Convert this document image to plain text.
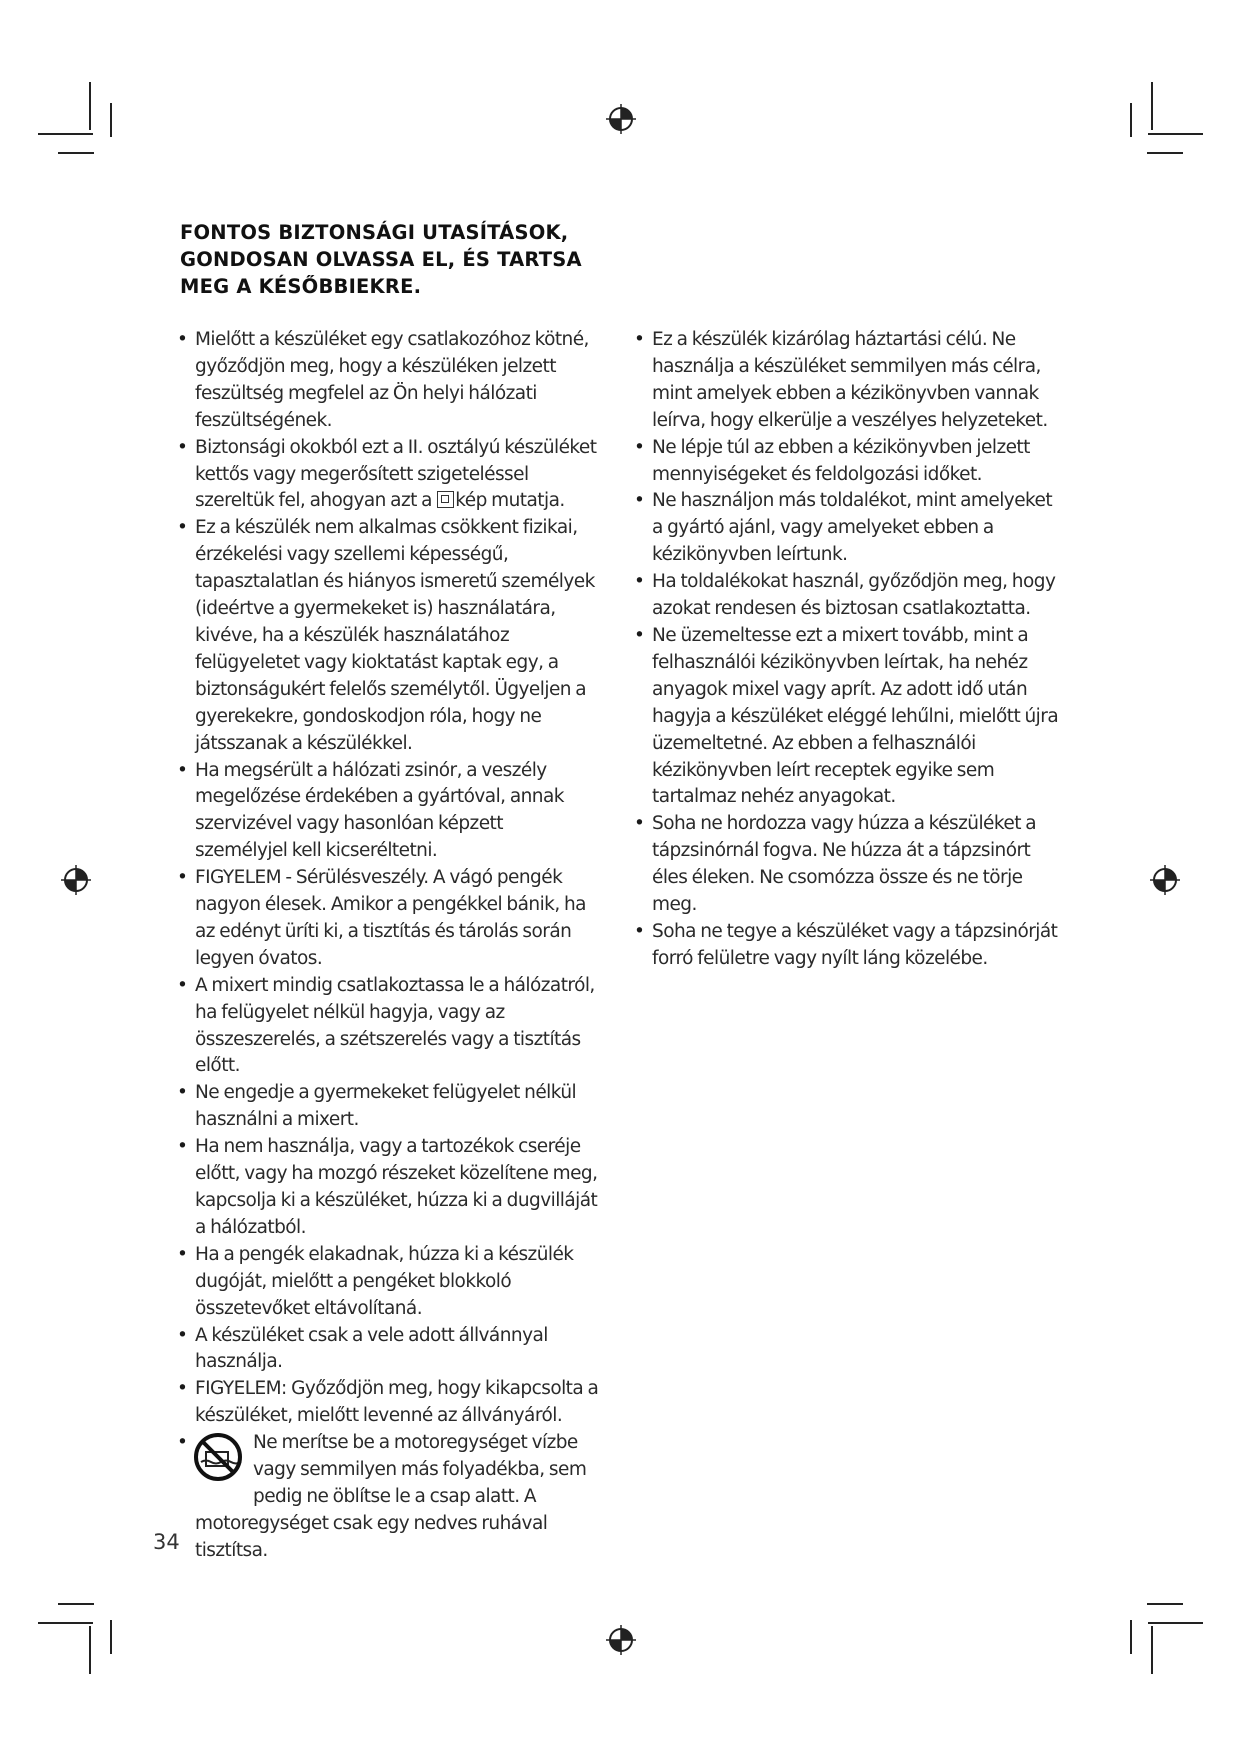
FONTOS BIZTONSÁGI UTASÍTÁSOK, GONDOSAN OLVASSA EL, ÉS TARTSA MEG A KÉSŐBBIEKRE.

• Mielőtt a készüléket egy csatlakozóhoz kötné, győződjön meg, hogy a készüléken jelzett feszültség megfelel az Ön helyi hálózati feszültségének.

• Biztonsági okokból ezt a II. osztályú készüléket kettős vagy megerősített szigeteléssel szereltük fel, ahogyan azt a kép mutatja.

• Ez a készülék nem alkalmas csökkent fizikai, érzékelési vagy szellemi képességű, tapasztalatlan és hiányos ismeretű személyek (ideértve a gyermekeket is) használatára, kivéve, ha a készülék használatához felügyeletet vagy kioktatást kaptak egy, a biztonságukért felelős személytől. Ügyeljen a gyerekekre, gondoskodjon róla, hogy ne játsszanak a készülékkel.

• Ha megsérült a hálózati zsinór, a veszély megelőzése érdekében a gyártóval, annak szervizével vagy hasonlóan képzett személyjel kell kicseréltetni.

• FIGYELEM - Sérülésveszély. A vágó pengék nagyon élesek. Amikor a pengékkel bánik, ha az edényt üríti ki, a tisztítás és tárolás során legyen óvatos.

• A mixert mindig csatlakoztassa le a hálózatról, ha felügyelet nélkül hagyja, vagy az összeszerelés, a szétszerelés vagy a tisztítás előtt.

• Ne engedje a gyermekeket felügyelet nélkül használni a mixert.

• Ha nem használja, vagy a tartozékok cseréje előtt, vagy ha mozgó részeket közelítene meg, kapcsolja ki a készüléket, húzza ki a dugvilláját a hálózatból.

• Ha a pengék elakadnak, húzza ki a készülék dugóját, mielőtt a pengéket blokkoló összetevőket eltávolítaná.

• A készüléket csak a vele adott állvánnyal használja.

• FIGYELEM: Győződjön meg, hogy kikapcsolta a készüléket, mielőtt levenné az állványáról.

• Ne merítse be a motoregységet vízbe vagy semmilyen más folyadékba, sem pedig ne öblítse le a csap alatt. A motoregységet csak egy nedves ruhával tisztítsa.

• Ez a készülék kizárólag háztartási célú. Ne használja a készüléket semmilyen más célra, mint amelyek ebben a kézikönyvben vannak leírva, hogy elkerülje a veszélyes helyzeteket.

• Ne lépje túl az ebben a kézikönyvben jelzett mennyiségeket és feldolgozási időket.

• Ne használjon más toldalékot, mint amelyeket a gyártó ajánl, vagy amelyeket ebben a kézikönyvben leírtunk.

• Ha toldalékokat használ, győződjön meg, hogy azokat rendesen és biztosan csatlakoztatta.

• Ne üzemeltesse ezt a mixert tovább, mint a felhasználói kézikönyvben leírtak, ha nehéz anyagok mixel vagy aprít. Az adott idő után hagyja a készüléket eléggé lehűlni, mielőtt újra üzemeltetné. Az ebben a felhasználói kézikönyvben leírt receptek egyike sem tartalmaz nehéz anyagokat.

• Soha ne hordozza vagy húzza a készüléket a tápzsinórnál fogva. Ne húzza át a tápzsinórt éles éleken. Ne csomózza össze és ne törje meg.

• Soha ne tegye a készüléket vagy a tápzsinórját forró felületre vagy nyílt láng közelébe.

34
